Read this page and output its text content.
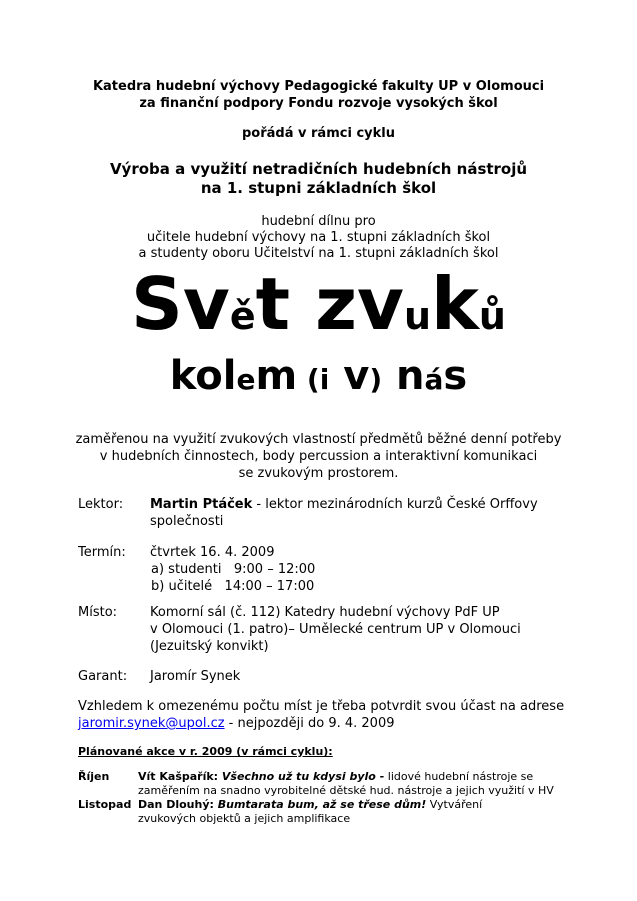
Katedra hudební výchovy Pedagogické fakulty UP v Olomouci
za finanční podpory Fondu rozvoje vysokých škol
pořádá v rámci cyklu
Výroba a využití netradičních hudebních nástrojů
na 1. stupni základních škol
hudební dílnu pro
učitele hudební výchovy na 1. stupni základních škol
a studenty oboru Učitelství na 1. stupni základních škol
Svět zvuků
kolem (i v) nás
zaměřenou na využití zvukových vlastností předmětů běžné denní potřeby
v hudebních činnostech, body percussion a interaktivní komunikaci
se zvukovým prostorem.
Lektor:	Martin Ptáček - lektor mezinárodních kurzů České Orffovy
společnosti
Termín:	čtvrtek 16. 4. 2009
a) studenti   9:00 – 12:00
b) učitelé   14:00 – 17:00
Místo:	Komorní sál (č. 112) Katedry hudební výchovy PdF UP
v Olomouci (1. patro)– Umělecké centrum UP v Olomouci
(Jezuitský konvikt)
Garant:	Jaromír Synek
Vzhledem k omezenému počtu míst je třeba potvrdit svou účast na adrese
jaromir.synek@upol.cz - nejpozději do 9. 4. 2009
Plánované akce v r. 2009 (v rámci cyklu):
Říjen	Vít Kašpařík: Všechno už tu kdysi bylo - lidové hudební nástroje se
zaměřením na snadno vyrobitelné dětské hud. nástroje a jejich využití v HV
Listopad Dan Dlouhý: Bumtarata bum, až se třese dům! Vytváření
zvukových objektů a jejich amplifikace
